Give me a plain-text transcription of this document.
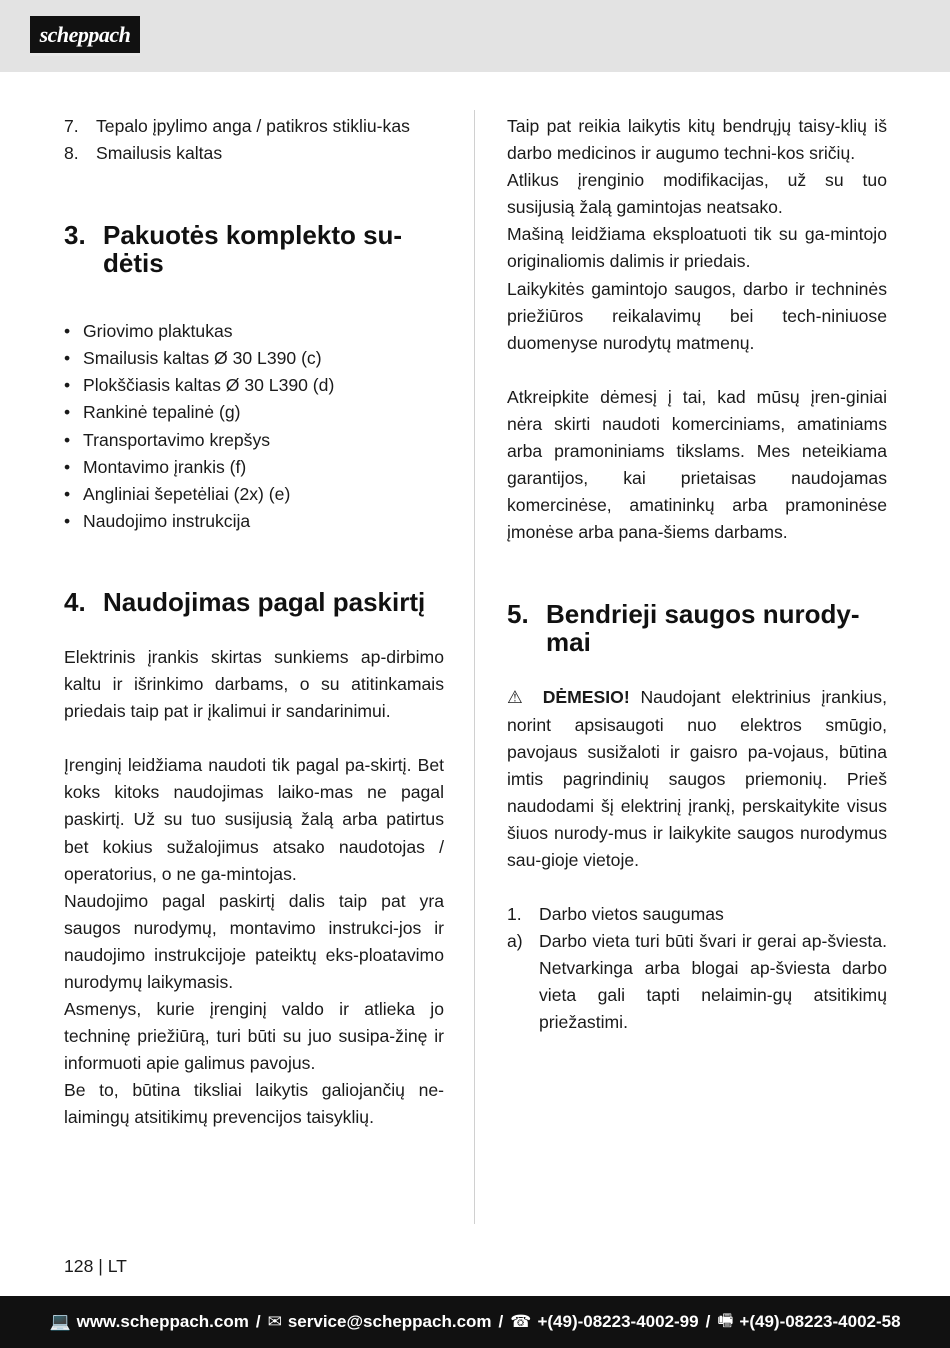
scheppach
7. Tepalo įpylimo anga / patikros stikliu-kas
8. Smailusis kaltas
3. Pakuotės komplekto su-dėtis
• Griovimo plaktukas
• Smailusis kaltas Ø 30 L390 (c)
• Plokščiasis kaltas Ø 30 L390 (d)
• Rankinė tepalinė (g)
• Transportavimo krepšys
• Montavimo įrankis (f)
• Angliniai šepetėliai (2x) (e)
• Naudojimo instrukcija
4. Naudojimas pagal paskirtį

Elektrinis įrankis skirtas sunkiems ap-dirbimo kaltu ir išrinkimo darbams, o su atitinkamais priedais taip pat ir įkalimui ir sandarinimui.

Įrenginį leidžiama naudoti tik pagal pa-skirtį. Bet koks kitoks naudojimas laiko-mas ne pagal paskirtį. Už su tuo susijusią žalą arba patirtus bet kokius sužalojimus atsako naudotojas / operatorius, o ne ga-mintojas.

Naudojimo pagal paskirtį dalis taip pat yra saugos nurodymų, montavimo instrukci-jos ir naudojimo instrukcijoje pateiktų eks-ploatavimo nurodymų laikymasis.

Asmenys, kurie įrenginį valdo ir atlieka jo techninę priežiūrą, turi būti su juo susipa-žinę ir informuoti apie galimus pavojus.

Be to, būtina tiksliai laikytis galiojančių ne-laimingų atsitikimų prevencijos taisyklių.

Taip pat reikia laikytis kitų bendrųjų taisy-klių iš darbo medicinos ir augumo techni-kos sričių.

Atlikus įrenginio modifikacijas, už su tuo susijusią žalą gamintojas neatsako.

Mašiną leidžiama eksploatuoti tik su ga-mintojo originaliomis dalimis ir priedais.

Laikykitės gamintojo saugos, darbo ir techninės priežiūros reikalavimų bei tech-niniuose duomenyse nurodytų matmenų.

Atkreipkite dėmesį į tai, kad mūsų įren-giniai nėra skirti naudoti komerciniams, amatiniams arba pramoniniams tikslams. Mes neteikiama garantijos, kai prietaisas naudojamas komercinėse, amatininkų arba pramoninėse įmonėse arba pana-šiems darbams.

5. Bendrieji saugos nurody-mai

⚠ DĖMESIO! Naudojant elektrinius įrankius, norint apsisaugoti nuo elektros smūgio, pavojaus susižaloti ir gaisro pa-vojaus, būtina imtis pagrindinių saugos priemonių. Prieš naudodami šį elektrinį įrankį, perskaitykite visus šiuos nurody-mus ir laikykite saugos nurodymus sau-gioje vietoje.

1. Darbo vietos saugumas
a) Darbo vieta turi būti švari ir gerai ap-šviesta. Netvarkinga arba blogai ap-šviesta darbo vieta gali tapti nelaimin-gų atsitikimų priežastimi.
128 | LT
💻 www.scheppach.com / ✉ service@scheppach.com / ☎ +(49)-08223-4002-99 / 🖷 +(49)-08223-4002-58
